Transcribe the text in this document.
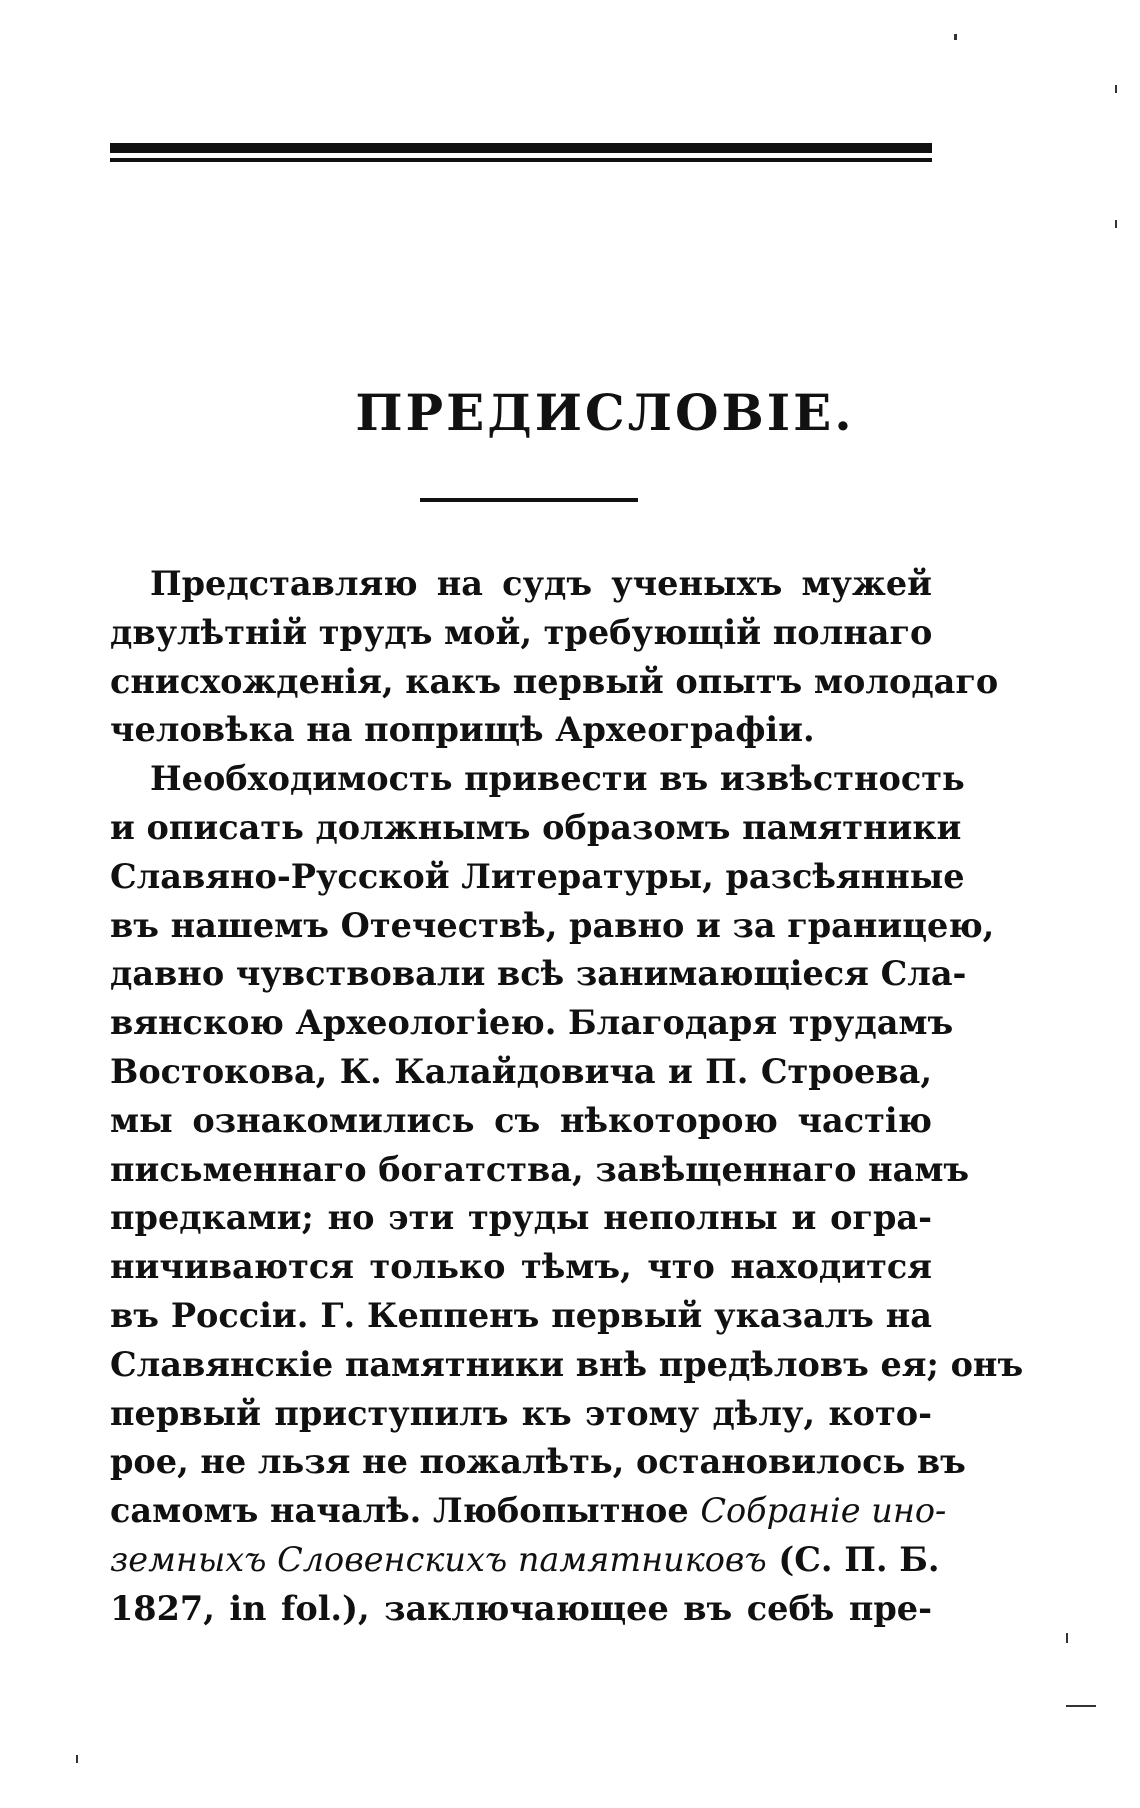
ПРЕДИСЛОВІЕ.
Представляю на судъ ученыхъ мужей
двулѣтній трудъ мой, требующій полнаго
снисхожденія, какъ первый опытъ молодаго
человѣка на поприщѣ Археографіи.
Необходимость привести въ извѣстность
и описать должнымъ образомъ памятники
Славяно-Русской Литературы, разсѣянные
въ нашемъ Отечествѣ, равно и за границею,
давно чувствовали всѣ занимающіеся Сла-
вянскою Археологіею. Благодаря трудамъ
Востокова, К. Калайдовича и П. Строева,
мы ознакомились съ нѣкоторою частію
письменнаго богатства, завѣщеннаго намъ
предками; но эти труды неполны и огра-
ничиваются только тѣмъ, что находится
въ Россіи. Г. Кеппенъ первый указалъ на
Славянскіе памятники внѣ предѣловъ ея; онъ
первый приступилъ къ этому дѣлу, кото-
рое, не льзя не пожалѣть, остановилось въ
самомъ началѣ. Любопытное Собраніе ино-
земныхъ Словенскихъ памятниковъ (С. П. Б.
1827, in fol.), заключающее въ себѣ пре-
